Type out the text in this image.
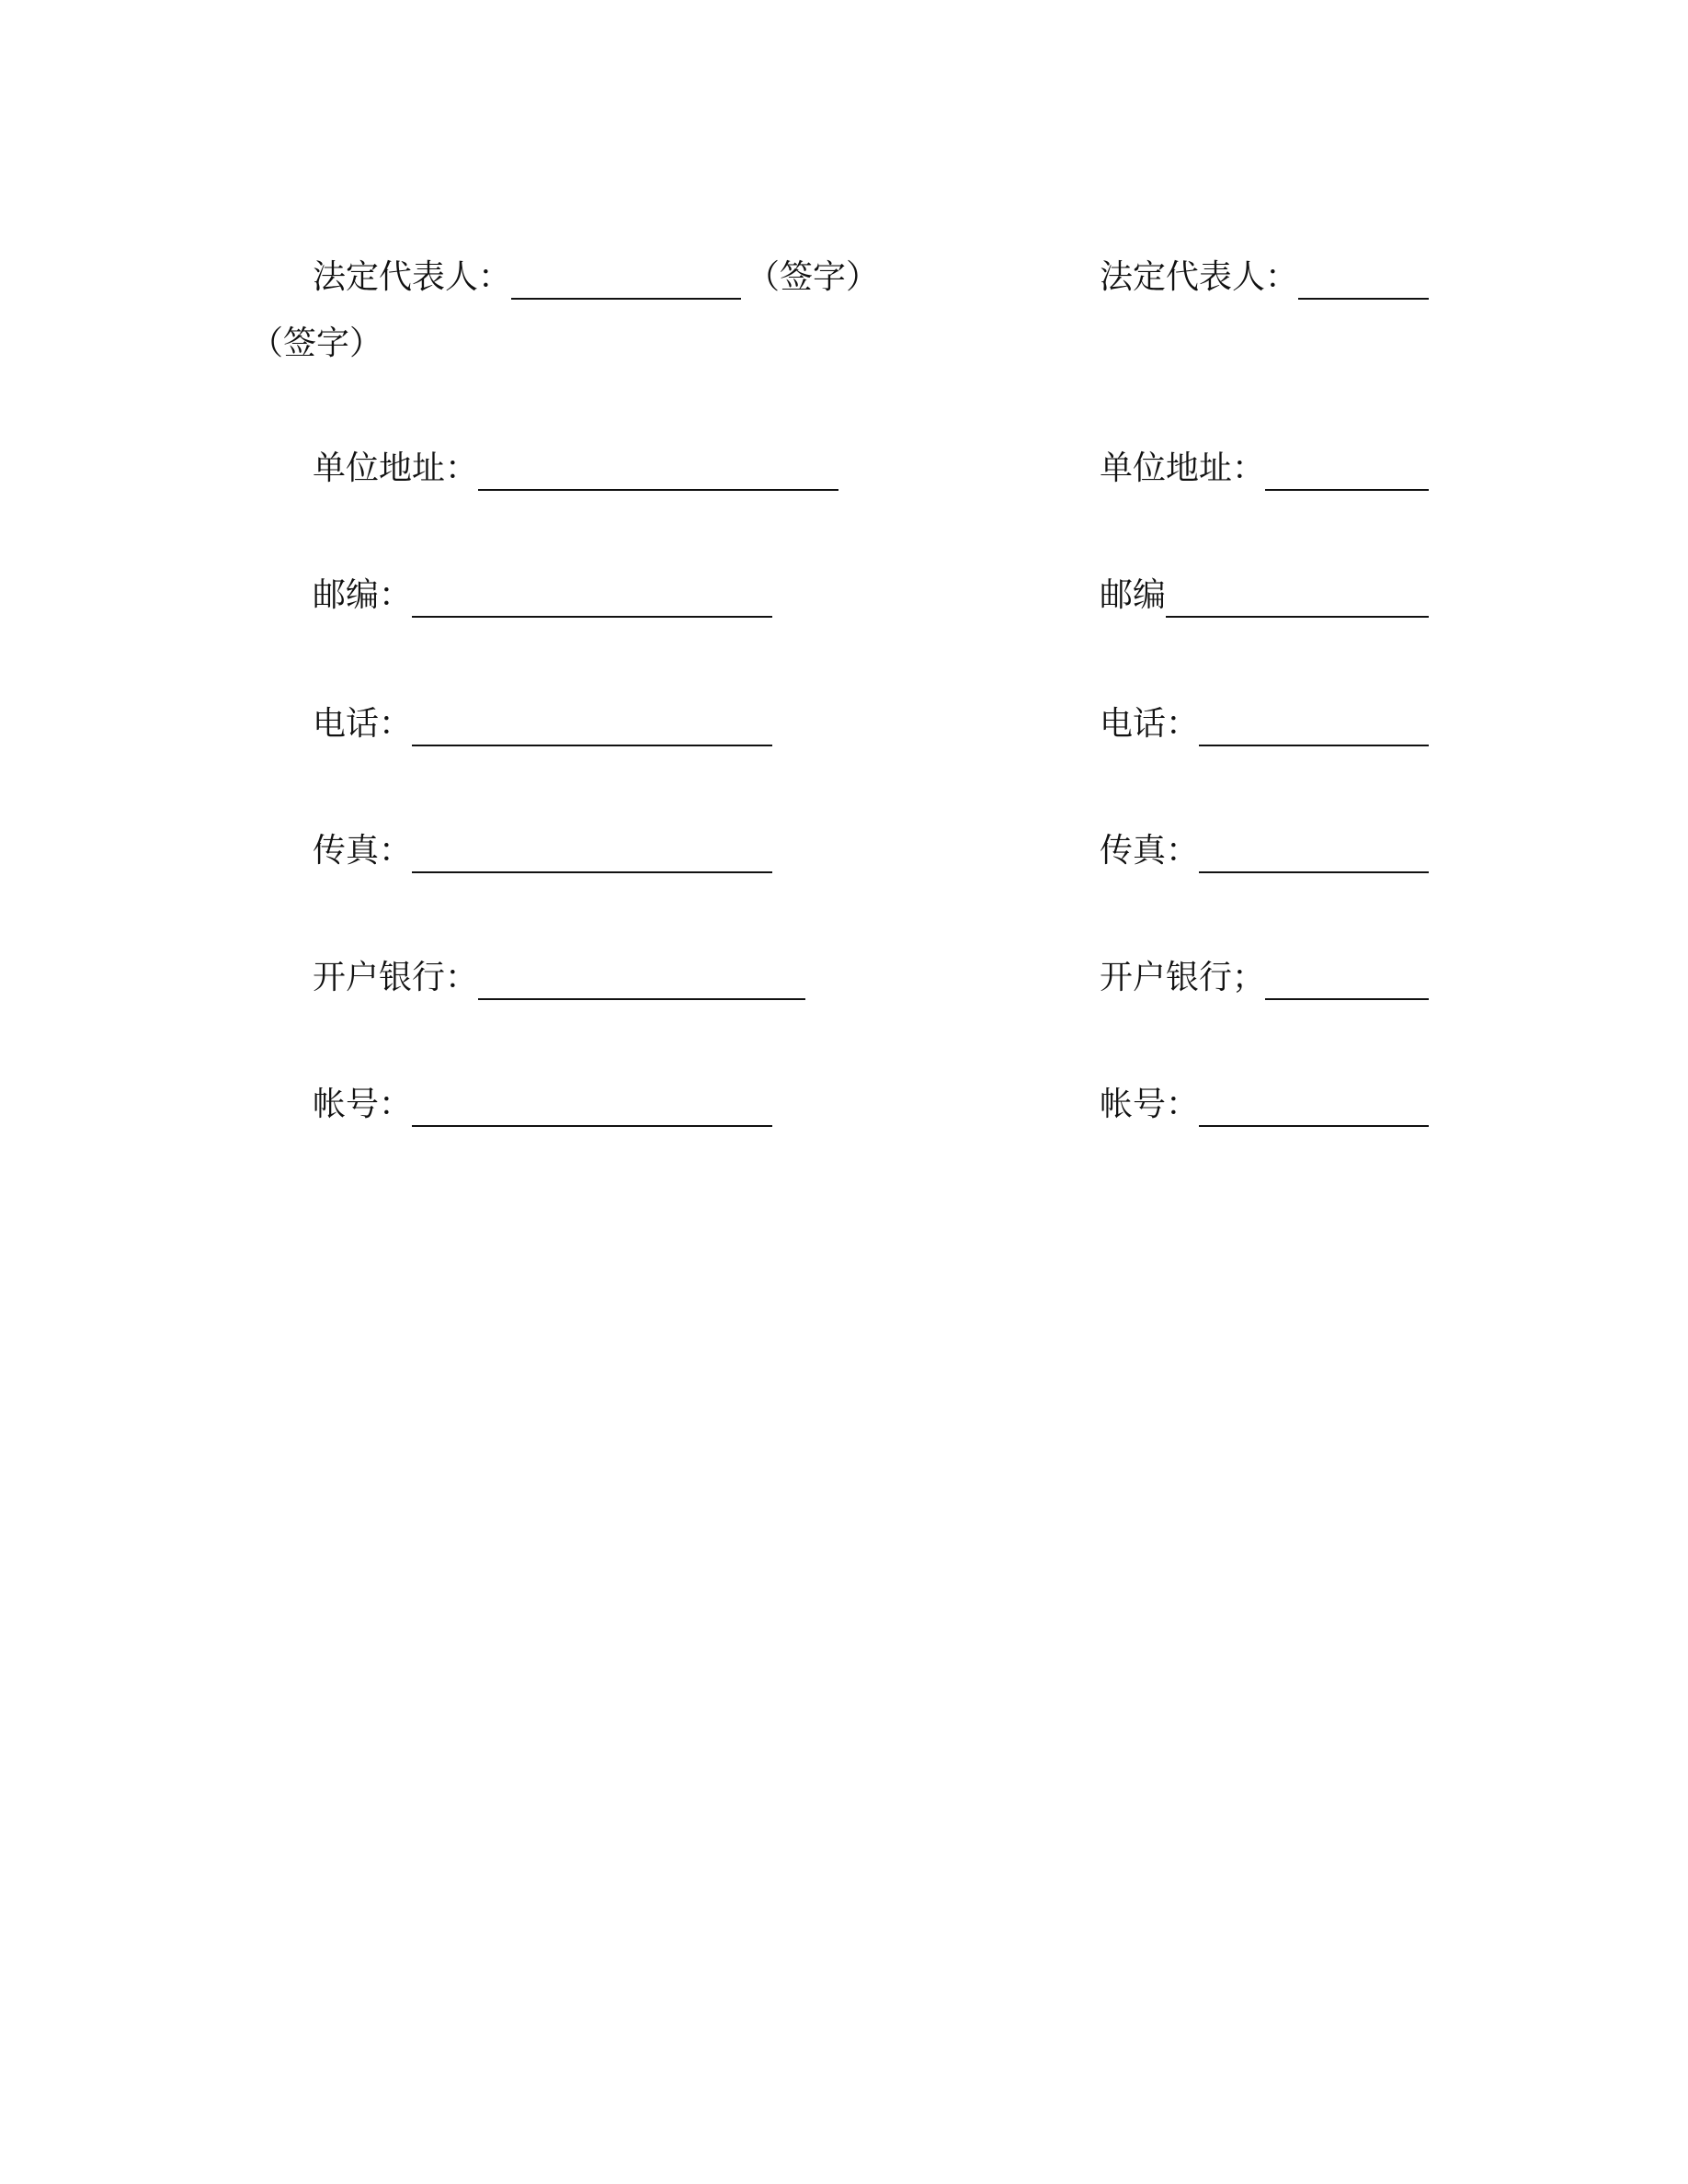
法定代表人：	（签字）
（签字）
单位地址：
邮编：
电话：
传真：
开户银行：
帐号：
法定代表人：
单位地址：
邮编
电话：
传真：
开户银行；
帐号：
